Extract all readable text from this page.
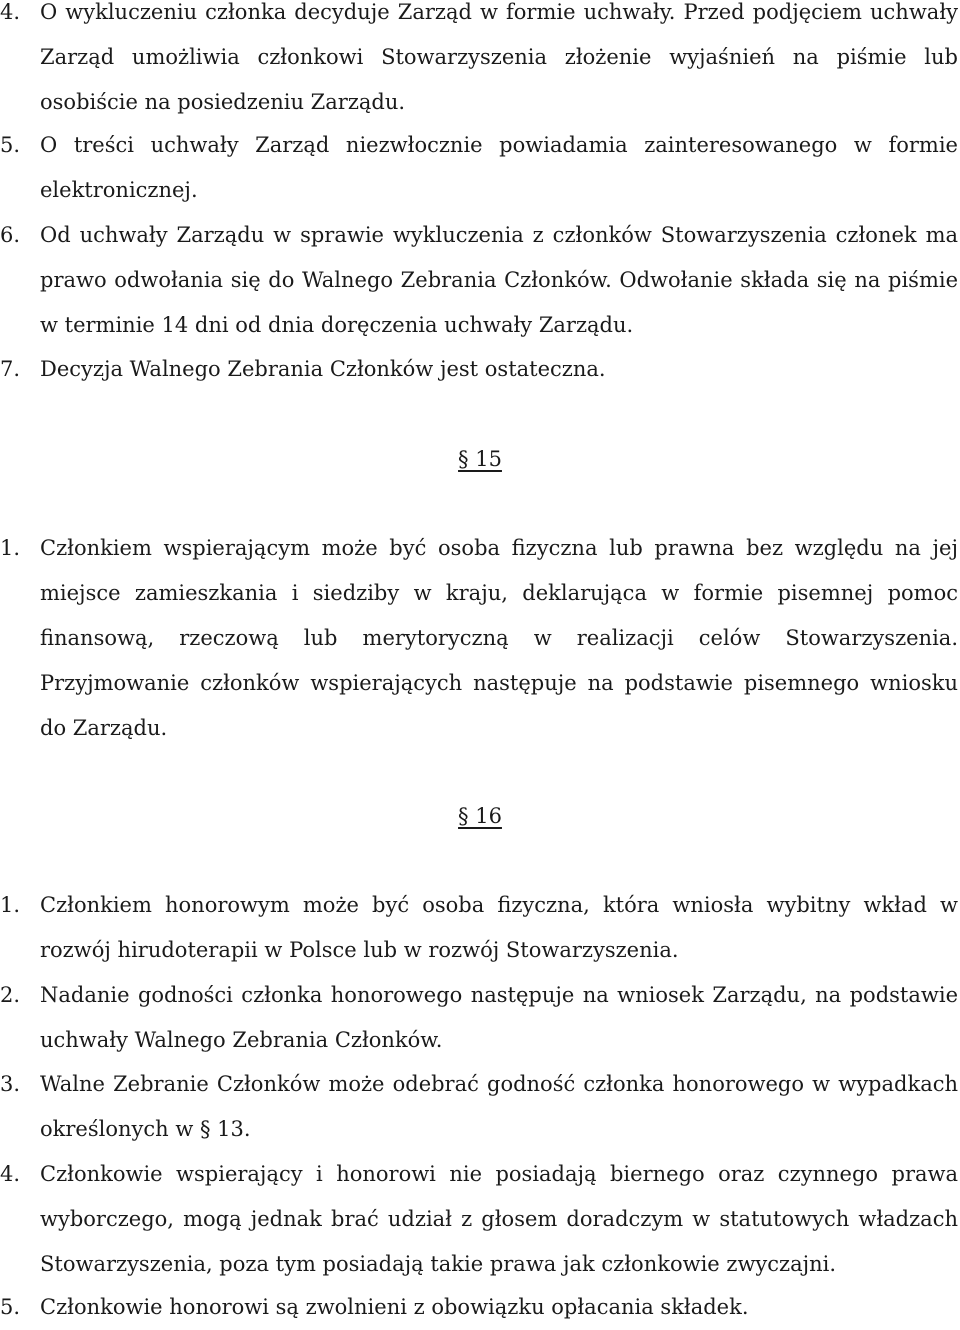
4. O wykluczeniu członka decyduje Zarząd w formie uchwały. Przed podjęciem uchwały Zarząd umożliwia członkowi Stowarzyszenia złożenie wyjaśnień na piśmie lub osobiście na posiedzeniu Zarządu.
5. O treści uchwały Zarząd niezwłocznie powiadamia zainteresowanego w formie elektronicznej.
6. Od uchwały Zarządu w sprawie wykluczenia z członków Stowarzyszenia członek ma prawo odwołania się do Walnego Zebrania Członków. Odwołanie składa się na piśmie w terminie 14 dni od dnia doręczenia uchwały Zarządu.
7. Decyzja Walnego Zebrania Członków jest ostateczna.
§ 15
1. Członkiem wspierającym może być osoba fizyczna lub prawna bez względu na jej miejsce zamieszkania i siedziby w kraju, deklarująca w formie pisemnej pomoc finansową, rzeczową lub merytoryczną w realizacji celów Stowarzyszenia. Przyjmowanie członków wspierających następuje na podstawie pisemnego wniosku do Zarządu.
§ 16
1. Członkiem honorowym może być osoba fizyczna, która wniosła wybitny wkład w rozwój hirudoterapii w Polsce lub w rozwój Stowarzyszenia.
2. Nadanie godności członka honorowego następuje na wniosek Zarządu, na podstawie uchwały Walnego Zebrania Członków.
3. Walne Zebranie Członków może odebrać godność członka honorowego w wypadkach określonych w § 13.
4. Członkowie wspierający i honorowi nie posiadają biernego oraz czynnego prawa wyborczego, mogą jednak brać udział z głosem doradczym w statutowych władzach Stowarzyszenia, poza tym posiadają takie prawa jak członkowie zwyczajni.
5. Członkowie honorowi są zwolnieni z obowiązku opłacania składek.
